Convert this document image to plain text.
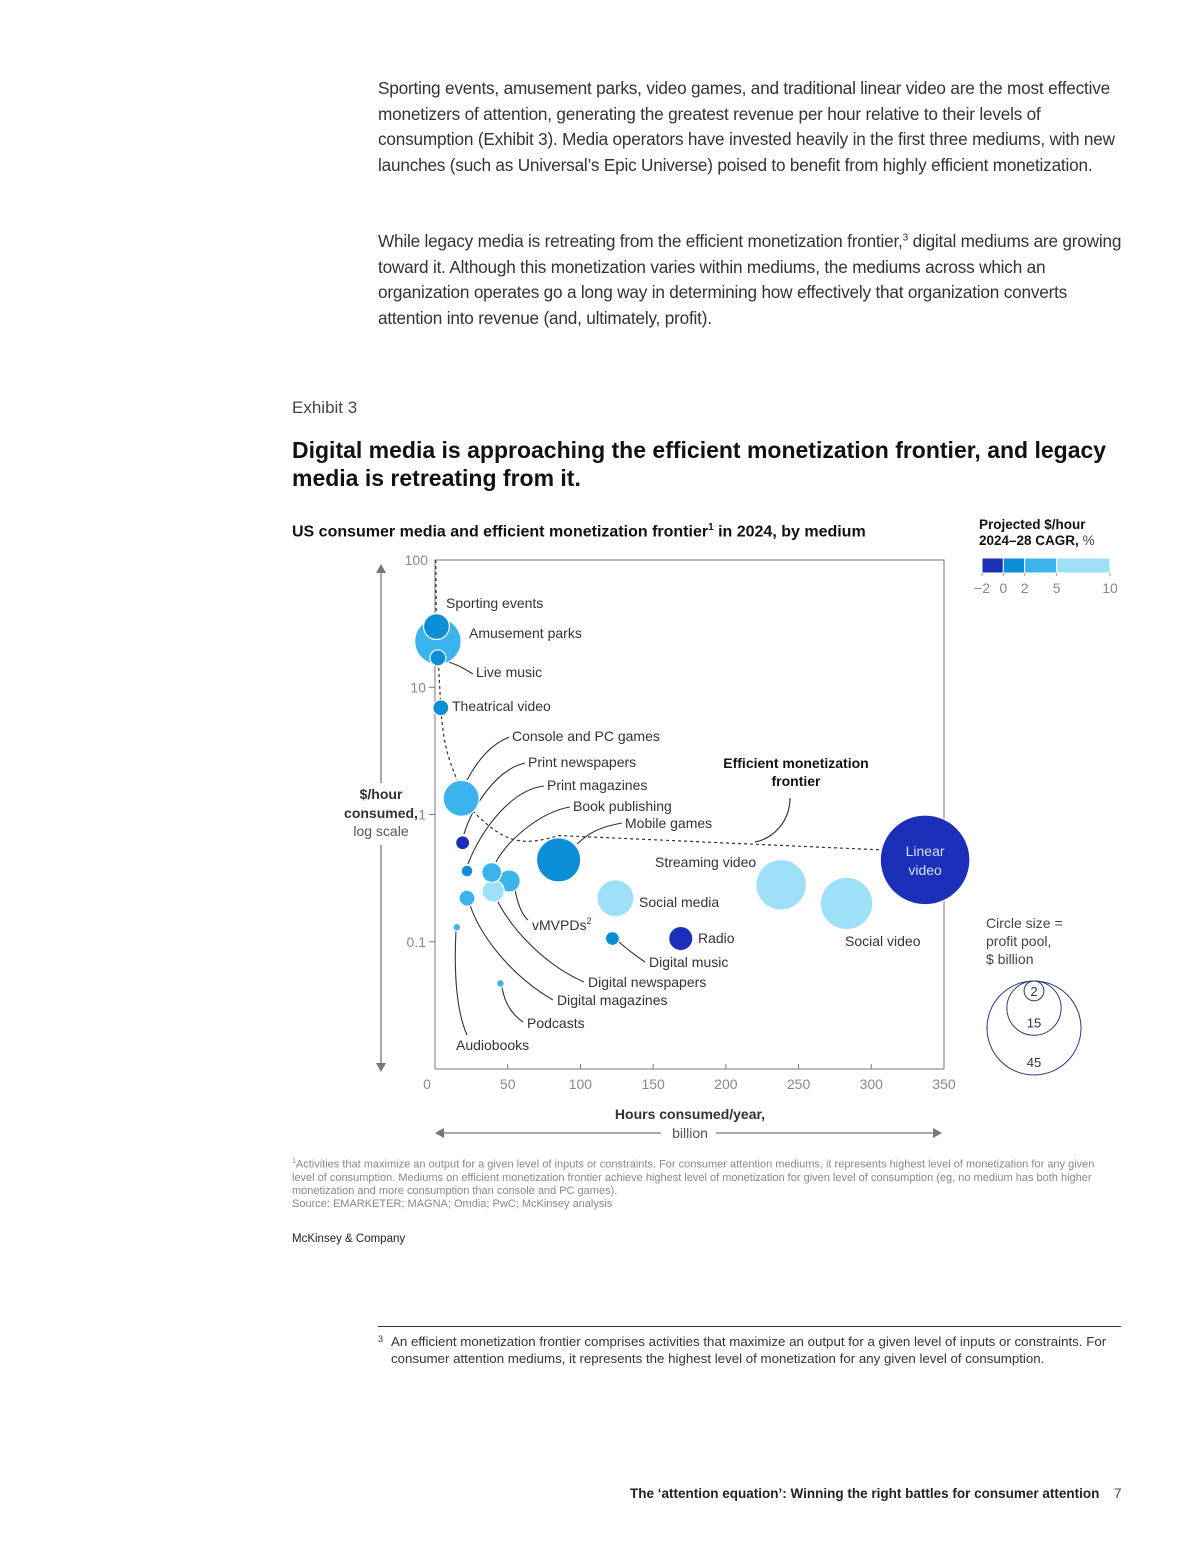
Sporting events, amusement parks, video games, and traditional linear video are the most effective monetizers of attention, generating the greatest revenue per hour relative to their levels of consumption (Exhibit 3). Media operators have invested heavily in the first three mediums, with new launches (such as Universal’s Epic Universe) poised to benefit from highly efficient monetization.
While legacy media is retreating from the efficient monetization frontier,$^3$ digital mediums are growing toward it. Although this monetization varies within mediums, the mediums across which an organization operates go a long way in determining how effectively that organization converts attention into revenue (and, ultimately, profit).
Exhibit 3
Digital media is approaching the efficient monetization frontier, and legacy media is retreating from it.
US consumer media and efficient monetization frontier$^1$ in 2024, by medium	Projected $/hour
2024–28 CAGR, %
0	50	100	150	200	250	300	350
100
10
1
0.1
$/hour
consumed,
log scale
Hours consumed/year,
billion
Efficient monetization
frontier
Sporting events
Amusement parks
Live music
Theatrical video
Console and PC games
Print newspapers
Print magazines
Book publishing
vMVPDs$^2$
Digital newspapers
Digital magazines
Audiobooks
Podcasts
Mobile games
Social media
Digital music
Radio
Streaming video
Social video
Linear
video
−2 0 2 5	10
Circle size =
profit pool,
$ billion
45
15
2
$^1$Activities that maximize an output for a given level of inputs or constraints. For consumer attention mediums, it represents highest level of monetization for any given level of consumption. Mediums on efficient monetization frontier achieve highest level of monetization for given level of consumption (eg, no medium has both higher monetization and more consumption than console and PC games).
Source: EMARKETER; MAGNA; Omdia; PwC; McKinsey analysis
McKinsey & Company
3 An efficient monetization frontier comprises activities that maximize an output for a given level of inputs or constraints. For consumer attention mediums, it represents the highest level of monetization for any given level of consumption.
The ‘attention equation’: Winning the right battles for consumer attention 7
